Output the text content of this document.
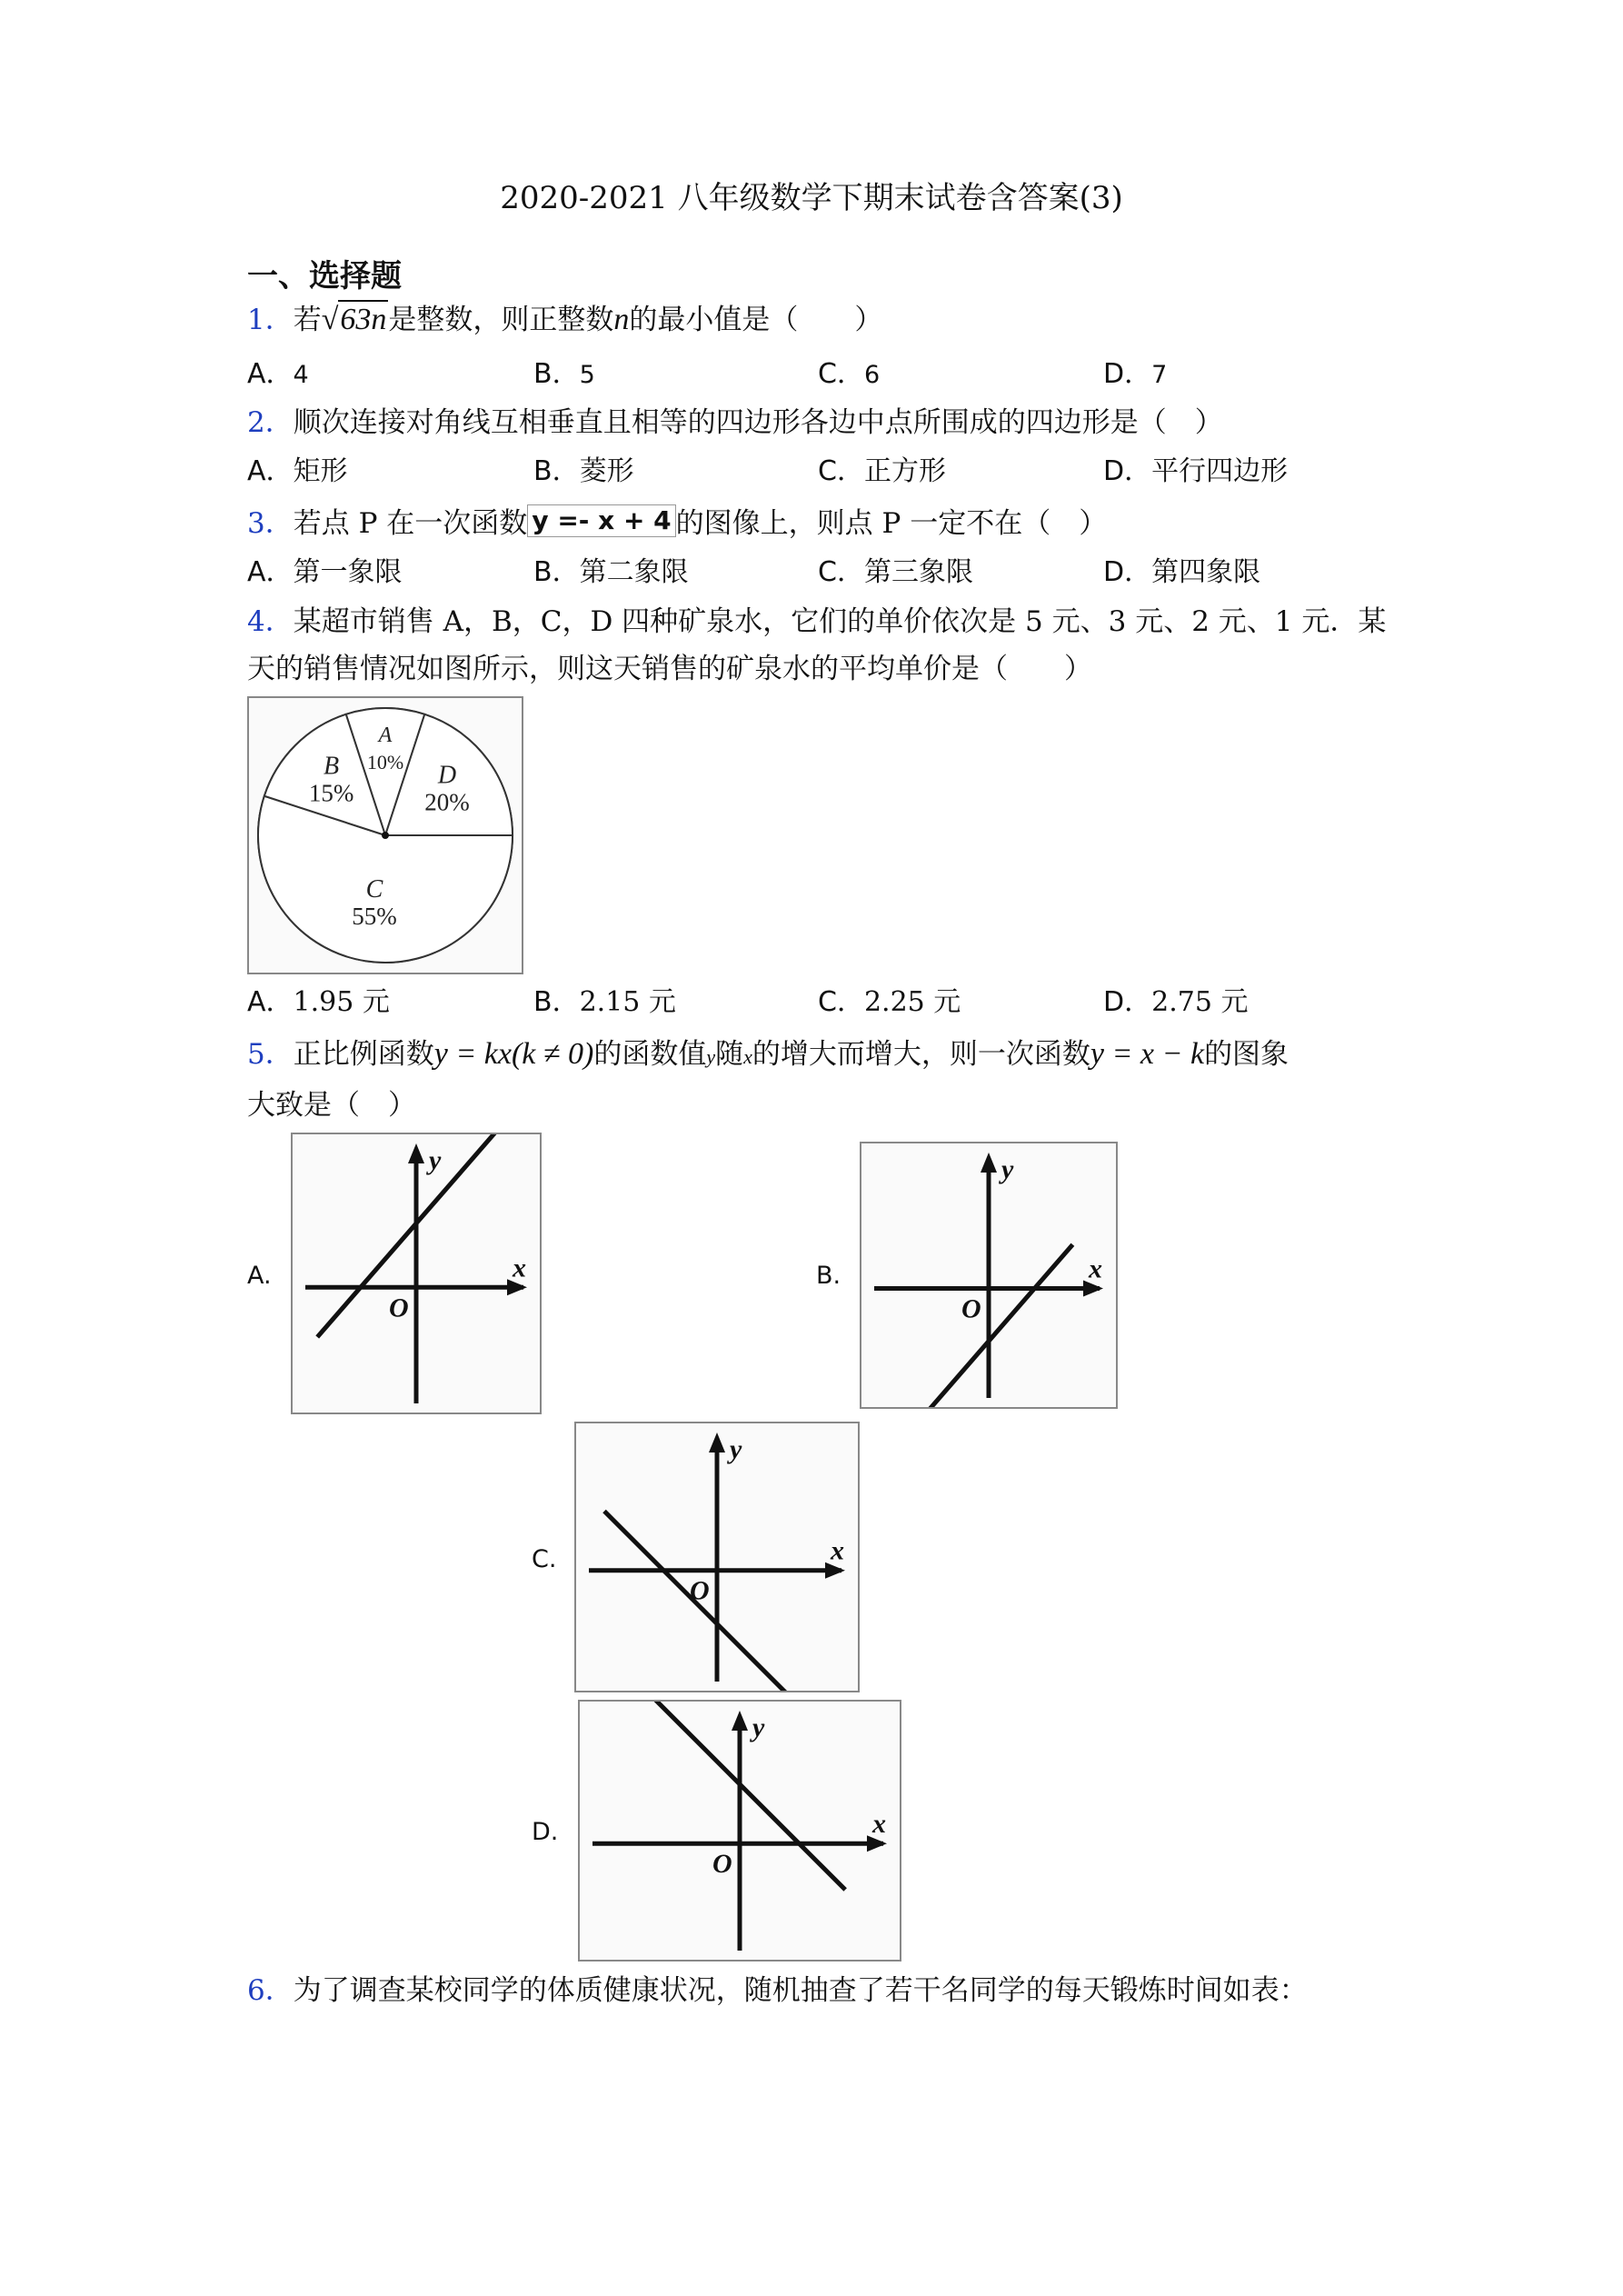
2020-2021 八年级数学下期末试卷含答案(3)
一、选择题
1．若√63n是整数，则正整数n的最小值是（　　）
A．4	B．5	C．6	D．7
2．顺次连接对角线互相垂直且相等的四边形各边中点所围成的四边形是（　）
A．矩形	B．菱形	C．正方形	D．平行四边形
3．若点 P 在一次函数 y =- x + 4 的图像上，则点 P 一定不在（　）
A．第一象限	B．第二象限	C．第三象限	D．第四象限
4．某超市销售 A，B，C，D 四种矿泉水，它们的单价依次是 5 元、3 元、2 元、1 元．某
天的销售情况如图所示，则这天销售的矿泉水的平均单价是（　　）
A
10% D
20%
C
55%
B
15%
A．1.95 元	B．2.15 元	C．2.25 元	D．2.75 元
5．正比例函数y = kx(k ≠ 0)的函数值y随x的增大而增大，则一次函数y = x − k的图象
大致是（　）
A.	x
y
O
B.	x
y
O
C.	x
y
O
D.	x
y
O
6．为了调查某校同学的体质健康状况，随机抽查了若干名同学的每天锻炼时间如表：
